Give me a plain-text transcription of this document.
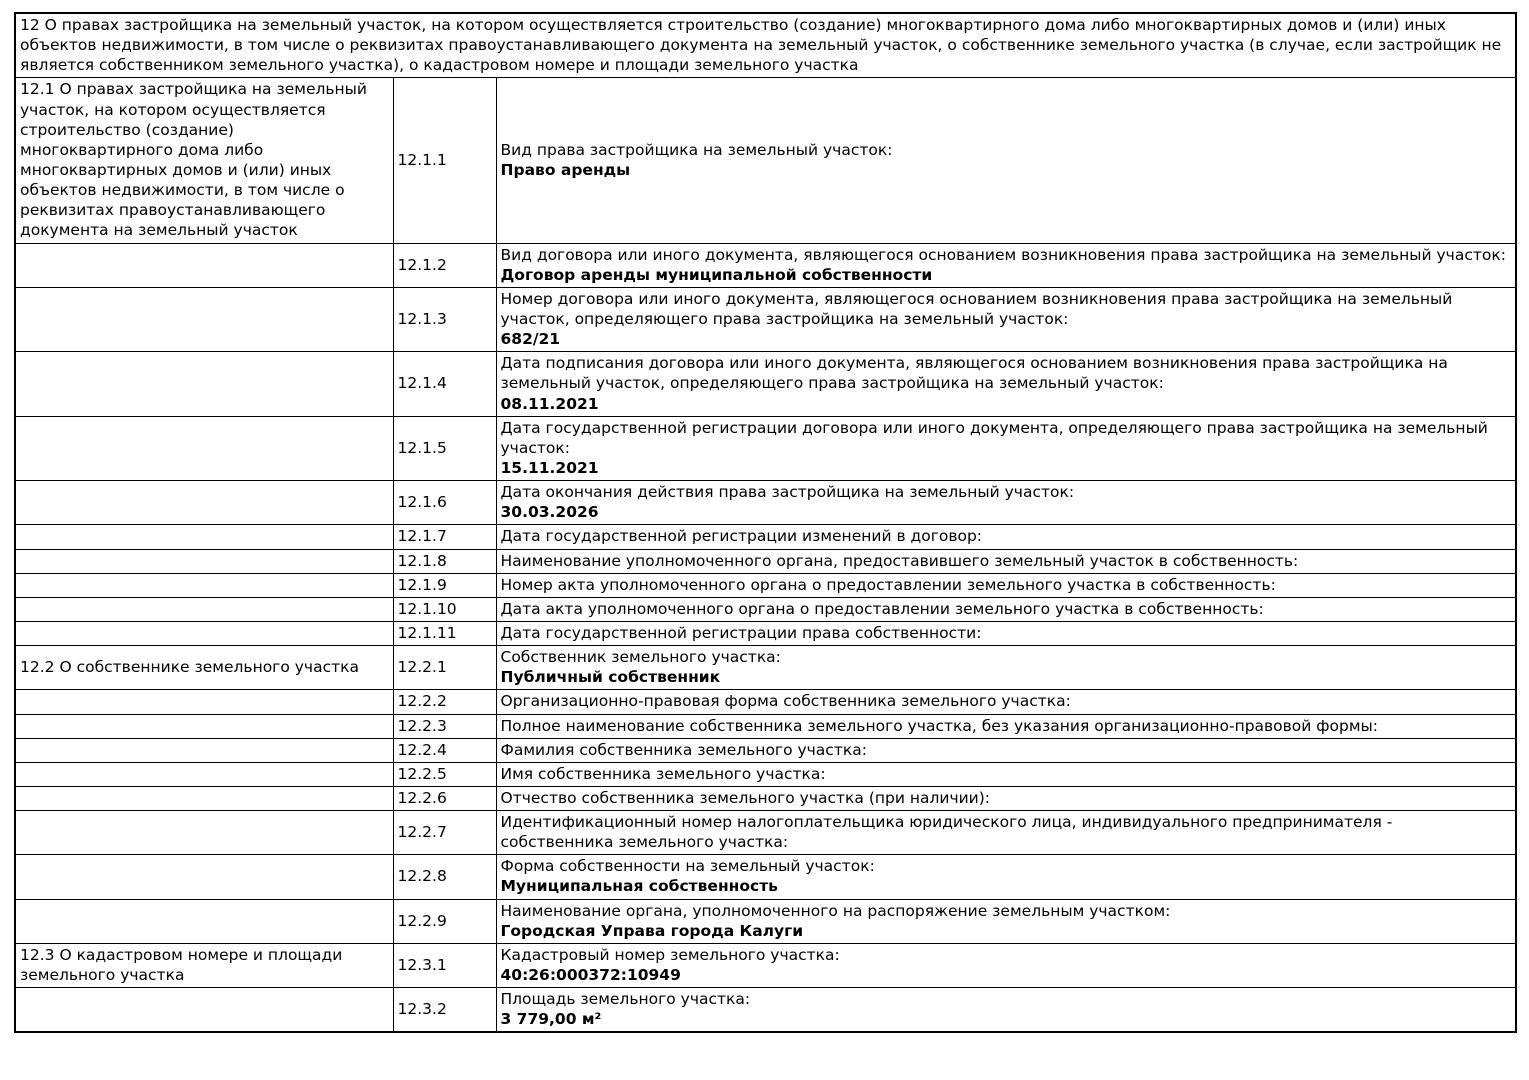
12 О правах застройщика на земельный участок, на котором осуществляется строительство (создание) многоквартирного дома либо многоквартирных домов и (или) иных объектов недвижимости, в том числе о реквизитах правоустанавливающего документа на земельный участок, о собственнике земельного участка (в случае, если застройщик не является собственником земельного участка), о кадастровом номере и площади земельного участка		
12.1 О правах застройщика на земельный участок, на котором осуществляется строительство (создание) многоквартирного дома либо многоквартирных домов и (или) иных объектов недвижимости, в том числе о реквизитах правоустанавливающего документа на земельный участок	12.1.1	Вид права застройщика на земельный участок:
Право аренды

	12.1.2	Вид договора или иного документа, являющегося основанием возникновения права застройщика на земельный участок:
Договор аренды муниципальной собственности

	12.1.3	Номер договора или иного документа, являющегося основанием возникновения права застройщика на земельный участок, определяющего права застройщика на земельный участок:
682/21

	12.1.4	Дата подписания договора или иного документа, являющегося основанием возникновения права застройщика на земельный участок, определяющего права застройщика на земельный участок:
08.11.2021

	12.1.5	Дата государственной регистрации договора или иного документа, определяющего права застройщика на земельный участок:
15.11.2021

	12.1.6	Дата окончания действия права застройщика на земельный участок:
30.03.2026

	12.1.7	Дата государственной регистрации изменений в договор:

	12.1.8	Наименование уполномоченного органа, предоставившего земельный участок в собственность:

	12.1.9	Номер акта уполномоченного органа о предоставлении земельного участка в собственность:

	12.1.10	Дата акта уполномоченного органа о предоставлении земельного участка в собственность:

	12.1.11	Дата государственной регистрации права собственности:

12.2 О собственнике земельного участка	12.2.1	Собственник земельного участка:
Публичный собственник

	12.2.2	Организационно-правовая форма собственника земельного участка:

	12.2.3	Полное наименование собственника земельного участка, без указания организационно-правовой формы:

	12.2.4	Фамилия собственника земельного участка:

	12.2.5	Имя собственника земельного участка:

	12.2.6	Отчество собственника земельного участка (при наличии):

	12.2.7	Идентификационный номер налогоплательщика юридического лица, индивидуального предпринимателя - собственника земельного участка:

	12.2.8	Форма собственности на земельный участок:
Муниципальная собственность

	12.2.9	Наименование органа, уполномоченного на распоряжение земельным участком:
Городская Управа города Калуги

12.3 О кадастровом номере и площади земельного участка	12.3.1	Кадастровый номер земельного участка:
40:26:000372:10949

	12.3.2	Площадь земельного участка:
3 779,00 м²
